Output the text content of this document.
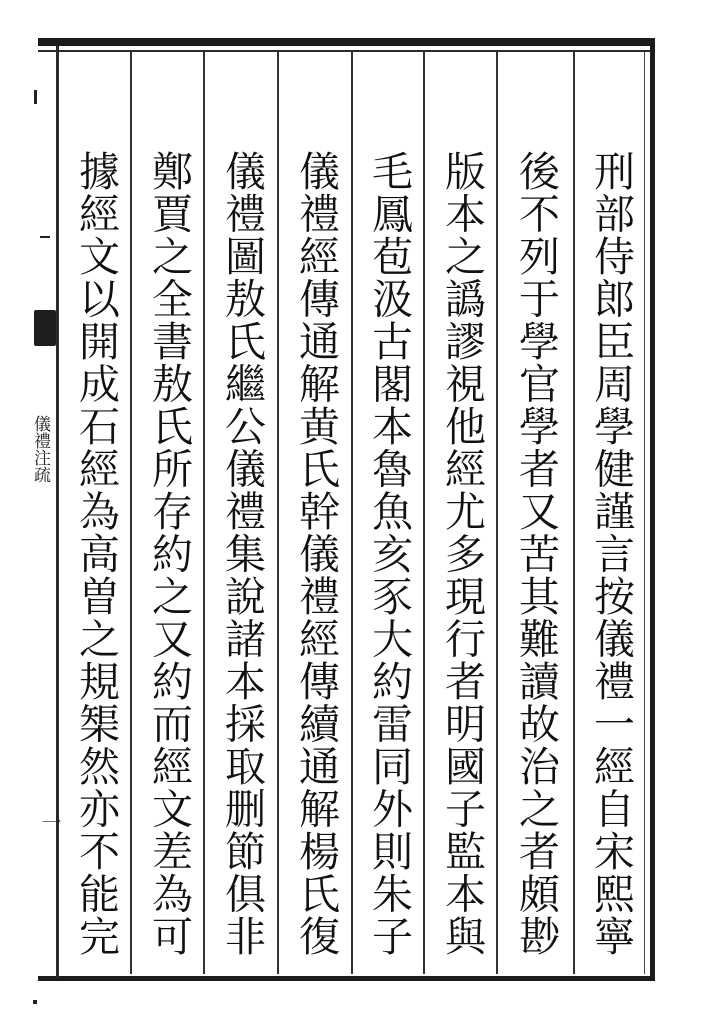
刑部侍郎臣周學健謹言按儀禮一經自宋熙寧
後不列于學官學者又苦其難讀故治之者頗尠
版本之譌謬視他經尤多現行者明國子監本與
毛鳳苞汲古閣本魯魚亥豕大約雷同外則朱子
儀禮經傳通解黄氏幹儀禮經傳續通解楊氏復
儀禮圖敖氏繼公儀禮集說諸本採取删節俱非
鄭賈之全書敖氏所存約之又約而經文差為可
據經文以開成石經為高曽之規榘然亦不能完
儀禮注疏
一
